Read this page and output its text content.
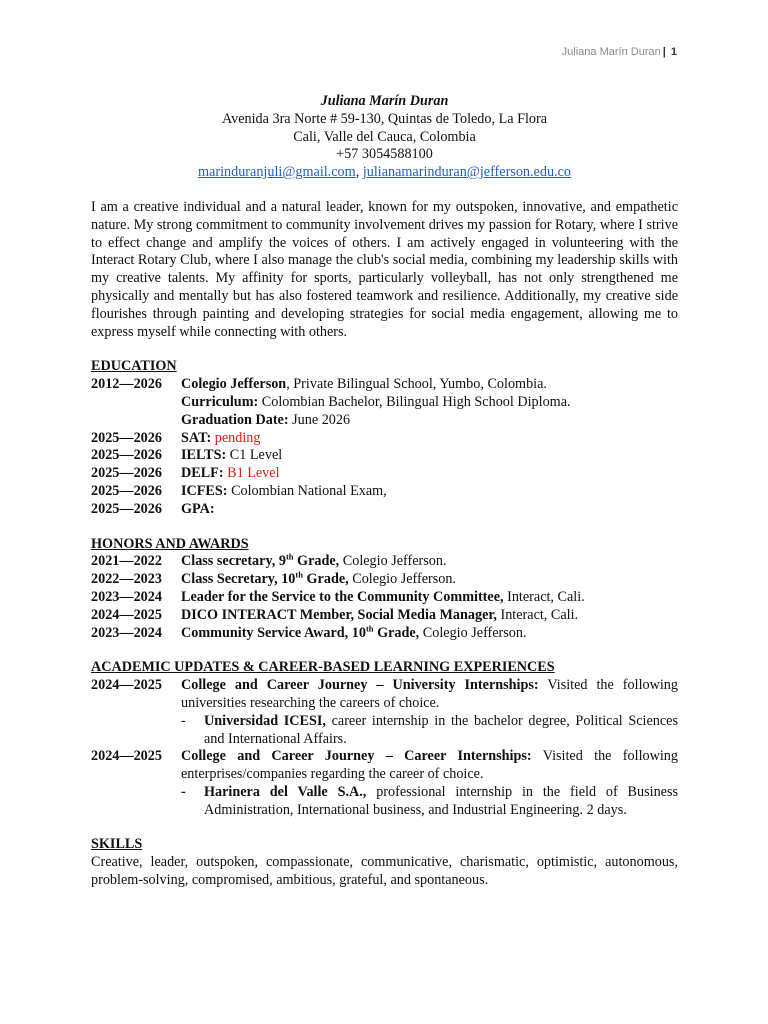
Juliana Marín Duran | 1
Juliana Marín Duran
Avenida 3ra Norte # 59-130, Quintas de Toledo, La Flora
Cali, Valle del Cauca, Colombia
+57 3054588100
marinduranjuli@gmail.com, julianamarinduran@jefferson.edu.co
I am a creative individual and a natural leader, known for my outspoken, innovative, and empathetic nature. My strong commitment to community involvement drives my passion for Rotary, where I strive to effect change and amplify the voices of others. I am actively engaged in volunteering with the Interact Rotary Club, where I also manage the club's social media, combining my leadership skills with my creative talents. My affinity for sports, particularly volleyball, has not only strengthened me physically and mentally but has also fostered teamwork and resilience. Additionally, my creative side flourishes through painting and developing strategies for social media engagement, allowing me to express myself while connecting with others.
EDUCATION
2012—2026	Colegio Jefferson, Private Bilingual School, Yumbo, Colombia.
Curriculum: Colombian Bachelor, Bilingual High School Diploma.
Graduation Date: June 2026
2025—2026	SAT: pending
2025—2026	IELTS: C1 Level
2025—2026	DELF: B1 Level
2025—2026	ICFES: Colombian National Exam,
2025—2026	GPA:
HONORS AND AWARDS
2021—2022	Class secretary, 9th Grade, Colegio Jefferson.
2022—2023	Class Secretary, 10th Grade, Colegio Jefferson.
2023—2024	Leader for the Service to the Community Committee, Interact, Cali.
2024—2025	DICO INTERACT Member, Social Media Manager, Interact, Cali.
2023—2024	Community Service Award, 10th Grade, Colegio Jefferson.
ACADEMIC UPDATES & CAREER-BASED LEARNING EXPERIENCES
2024—2025	College and Career Journey – University Internships: Visited the following universities researching the careers of choice.
-	Universidad ICESI, career internship in the bachelor degree, Political Sciences and International Affairs.
2024—2025	College and Career Journey – Career Internships: Visited the following enterprises/companies regarding the career of choice.
-	Harinera del Valle S.A., professional internship in the field of Business Administration, International business, and Industrial Engineering. 2 days.
SKILLS
Creative, leader, outspoken, compassionate, communicative, charismatic, optimistic, autonomous, problem-solving, compromised, ambitious, grateful, and spontaneous.
